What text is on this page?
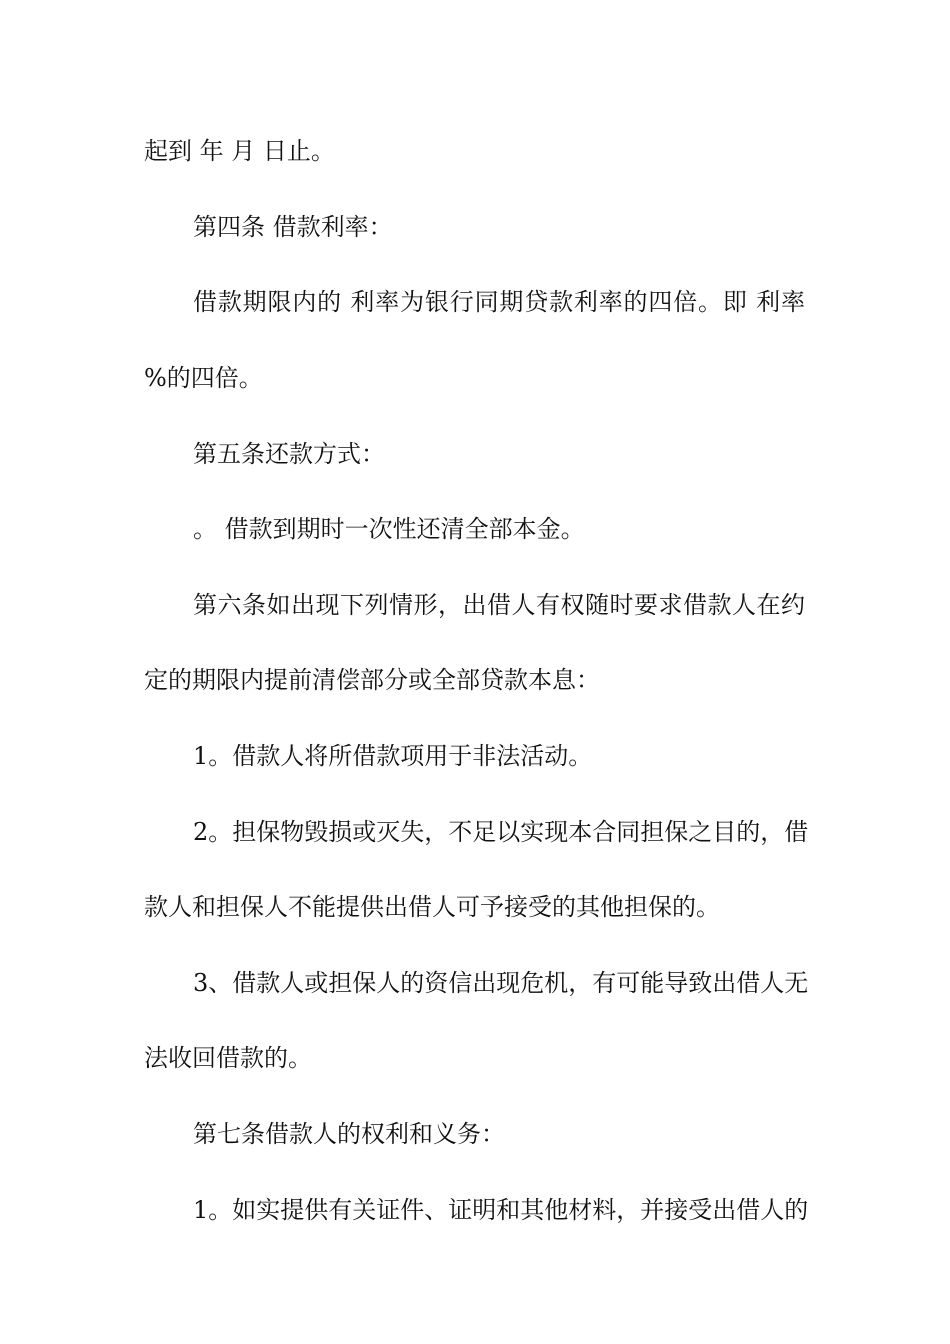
起到 年 月 日止。
第四条 借款利率：
借款期限内的 利率为银行同期贷款利率的四倍。即 利率
%的四倍。
第五条还款方式：
。 借款到期时一次性还清全部本金。
第六条如出现下列情形，出借人有权随时要求借款人在约
定的期限内提前清偿部分或全部贷款本息：
1。借款人将所借款项用于非法活动。
2。担保物毁损或灭失，不足以实现本合同担保之目的，借
款人和担保人不能提供出借人可予接受的其他担保的。
3、借款人或担保人的资信出现危机，有可能导致出借人无
法收回借款的。
第七条借款人的权利和义务：
1。如实提供有关证件、证明和其他材料，并接受出借人的
